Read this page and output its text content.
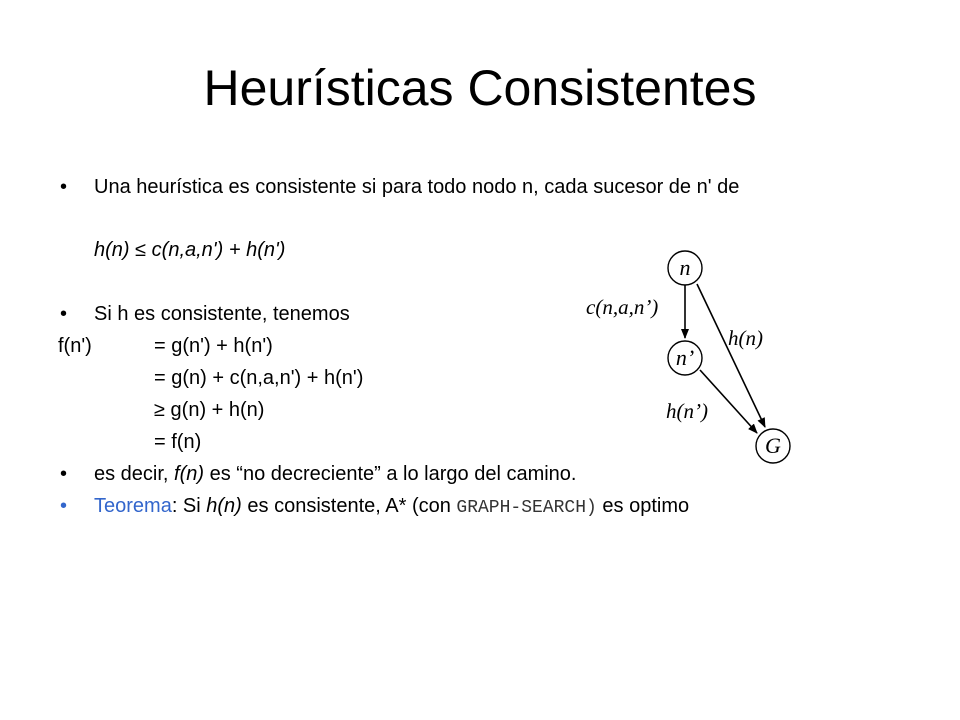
Heurísticas Consistentes
• Una heurística es consistente si para todo nodo n, cada sucesor de n' de
h(n) ≤ c(n,a,n') + h(n')
• Si h es consistente, tenemos
f(n')	= g(n') + h(n')
= g(n) + c(n,a,n') + h(n')
≥ g(n) + h(n)
= f(n)
• es decir, f(n) es “no decreciente” a lo largo del camino.
• Teorema: Si h(n) es consistente, A* (con GRAPH-SEARCH) es optimo
n
n’
G
c(n,a,n’)
h(n)
h(n’)
